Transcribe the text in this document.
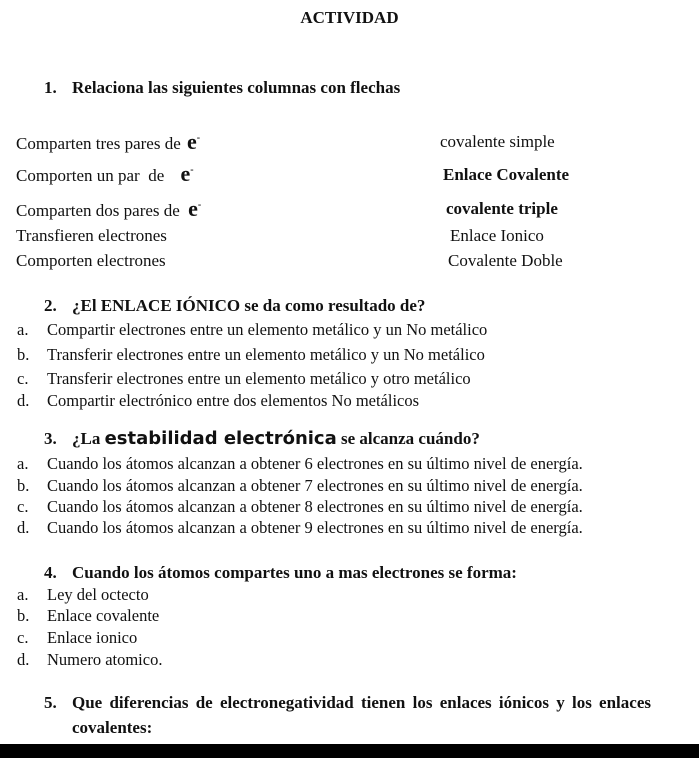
ACTIVIDAD
1. Relaciona las siguientes columnas con flechas
Comparten tres pares de e-
Comporten un par  de e-
Comparten dos pares de e-
Transfieren electrones
Comporten electrones
covalente simple
Enlace Covalente
covalente triple
Enlace Ionico
Covalente Doble
2. ¿El ENLACE IÓNICO se da como resultado de?
a. Compartir electrones entre un elemento metálico y un No metálico
b. Transferir electrones entre un elemento metálico y un No metálico
c. Transferir electrones entre un elemento metálico y otro metálico
d. Compartir electrónico entre dos elementos No metálicos
3. ¿La estabilidad electrónica se alcanza cuándo?
a. Cuando los átomos alcanzan a obtener 6 electrones en su último nivel de energía.
b. Cuando los átomos alcanzan a obtener 7 electrones en su último nivel de energía.
c. Cuando los átomos alcanzan a obtener 8 electrones en su último nivel de energía.
d. Cuando los átomos alcanzan a obtener 9 electrones en su último nivel de energía.
4. Cuando los átomos compartes uno a mas electrones se forma:
a. Ley del octecto
b. Enlace covalente
c. Enlace ionico
d. Numero atomico.
5. Que diferencias de electronegatividad tienen los enlaces iónicos y los enlaces
covalentes:
